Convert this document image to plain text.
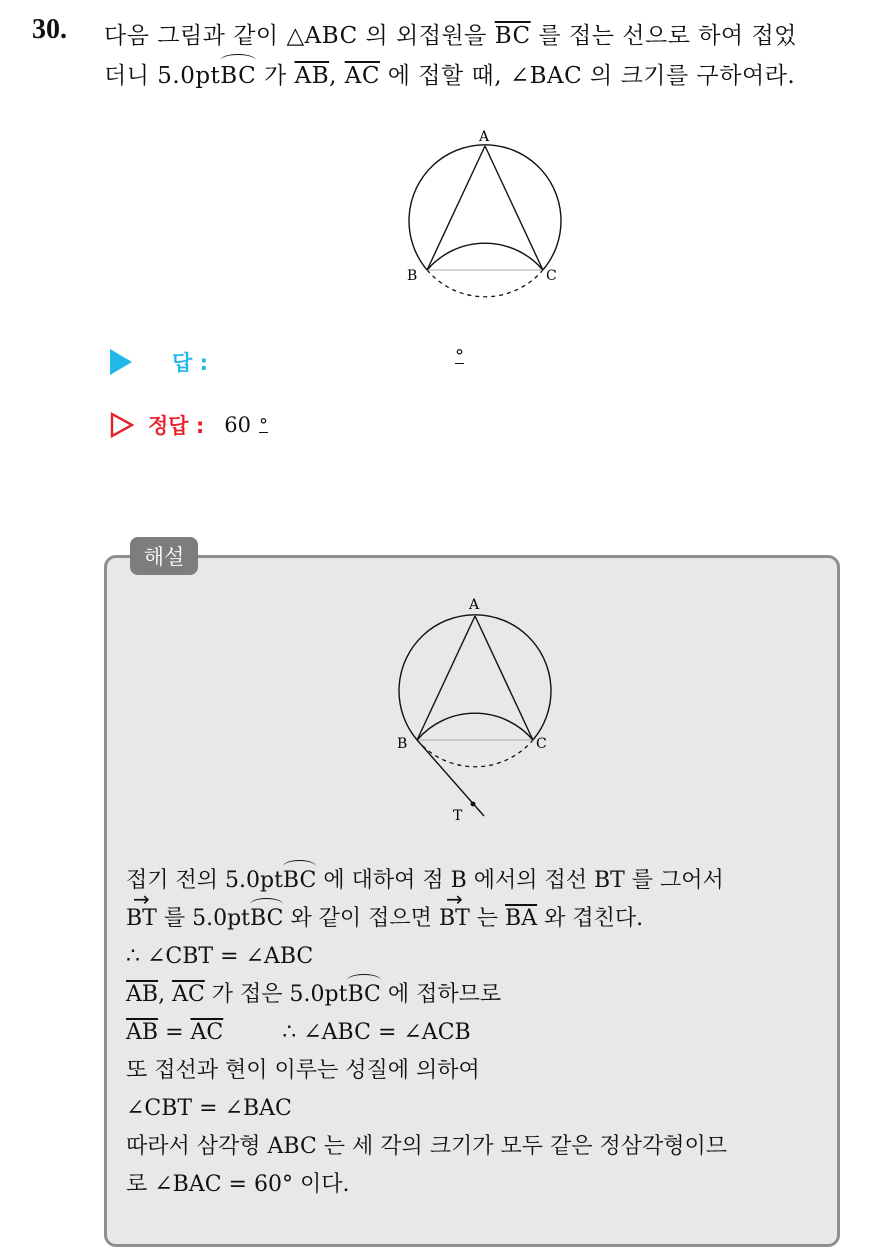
30. 다음 그림과 같이 △ABC 의 외접원을 $\overline{BC}$ 를 접는 선으로 하여 접었
더니 5.0ptBC 가 $\overline{AB}$, $\overline{AC}$ 에 접할 때, ∠BAC 의 크기를 구하여라.
A
B	C
답 :	°
정답 : 60 °
해설
A
B	C
T
접기 전의 5.0ptBC 에 대하여 점 B 에서의 접선 BT 를 그어서
→ BT 를 5.0ptBC 와 같이 접으면 → BT 는 $\overline{BA}$ 와 겹친다.
∴ ∠CBT = ∠ABC
$\overline{AB}$, $\overline{AC}$ 가 접은 5.0ptBC 에 접하므로
$\overline{AB} = \overline{AC}$	∴ ∠ABC = ∠ACB
또 접선과 현이 이루는 성질에 의하여
∠CBT = ∠BAC
따라서 삼각형 ABC 는 세 각의 크기가 모두 같은 정삼각형이므
로 ∠BAC = 60° 이다.
